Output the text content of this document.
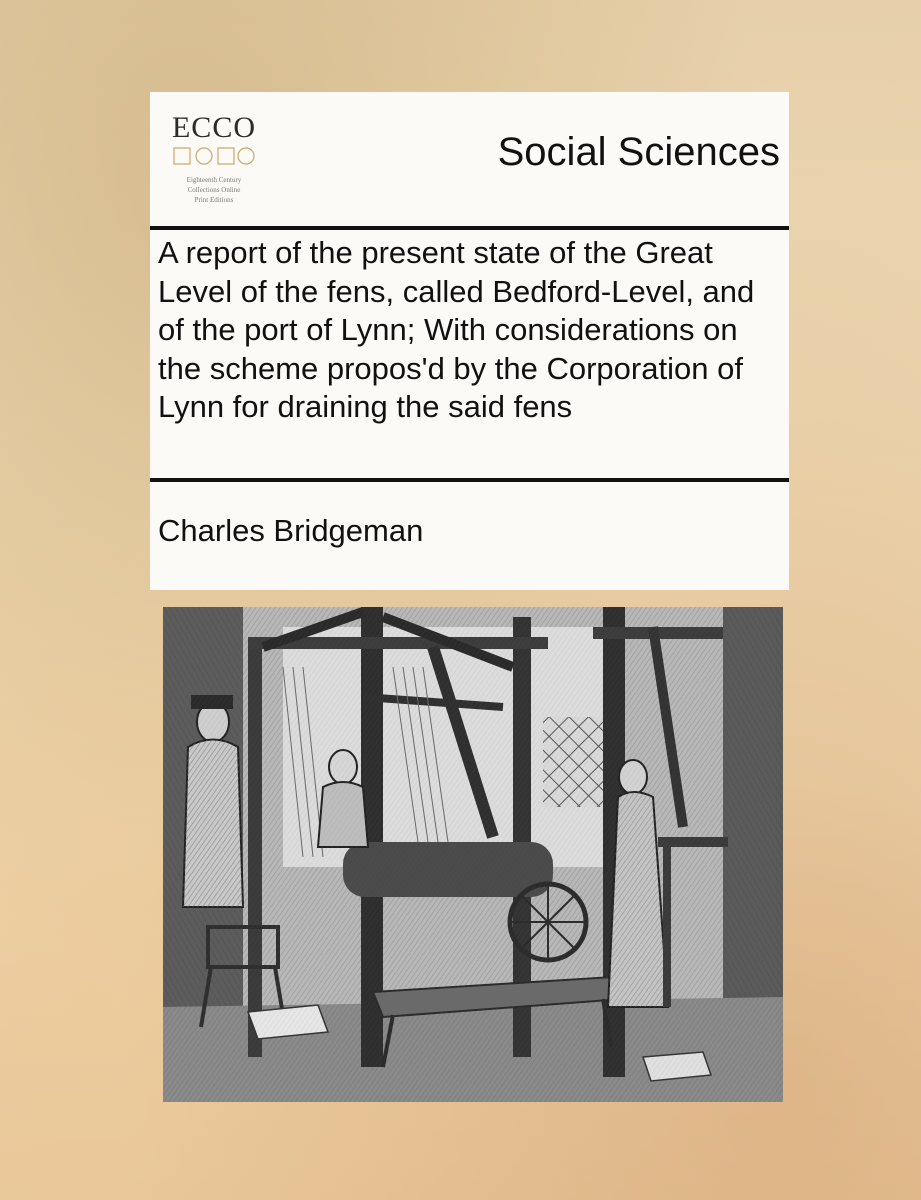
ECCO
Eighteenth Century
Collections Online
Print Editions
Social Sciences
A report of the present state of the Great Level of the fens, called Bedford-Level, and of the port of Lynn; With considerations on the scheme propos'd by the Corporation of Lynn for draining the said fens
Charles Bridgeman
